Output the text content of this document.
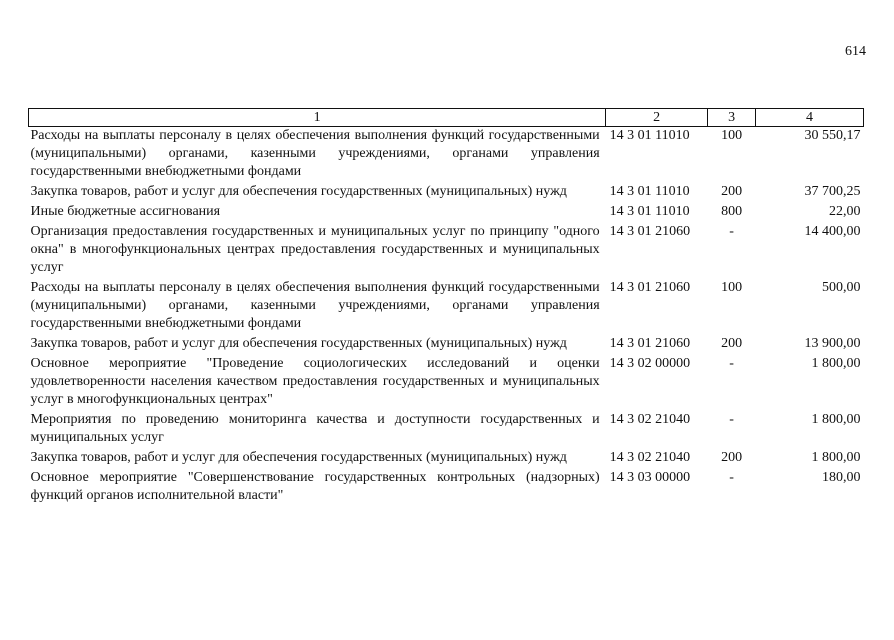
614
1	2	3	4
Расходы на выплаты персоналу в целях обеспечения выполнения функций государственными (муниципальными) органами, казенными учреждениями, органами управления государственными внебюджетными фондами	14 3 01 11010	100	30 550,17
Закупка товаров, работ и услуг для обеспечения государственных (муниципальных) нужд	14 3 01 11010	200	37 700,25
Иные бюджетные ассигнования	14 3 01 11010	800	22,00
Организация предоставления государственных и муниципальных услуг по принципу "одного окна" в многофункциональных центрах предоставления государственных и муниципальных услуг	14 3 01 21060	-	14 400,00
Расходы на выплаты персоналу в целях обеспечения выполнения функций государственными (муниципальными) органами, казенными учреждениями, органами управления государственными внебюджетными фондами	14 3 01 21060	100	500,00
Закупка товаров, работ и услуг для обеспечения государственных (муниципальных) нужд	14 3 01 21060	200	13 900,00
Основное мероприятие "Проведение социологических исследований и оценки удовлетворенности населения качеством предоставления государственных и муниципальных услуг в многофункциональных центрах"	14 3 02 00000	-	1 800,00
Мероприятия по проведению мониторинга качества и доступности государственных и муниципальных услуг	14 3 02 21040	-	1 800,00
Закупка товаров, работ и услуг для обеспечения государственных (муниципальных) нужд	14 3 02 21040	200	1 800,00
Основное мероприятие "Совершенствование государственных контрольных (надзорных) функций органов исполнительной власти"	14 3 03 00000	-	180,00
